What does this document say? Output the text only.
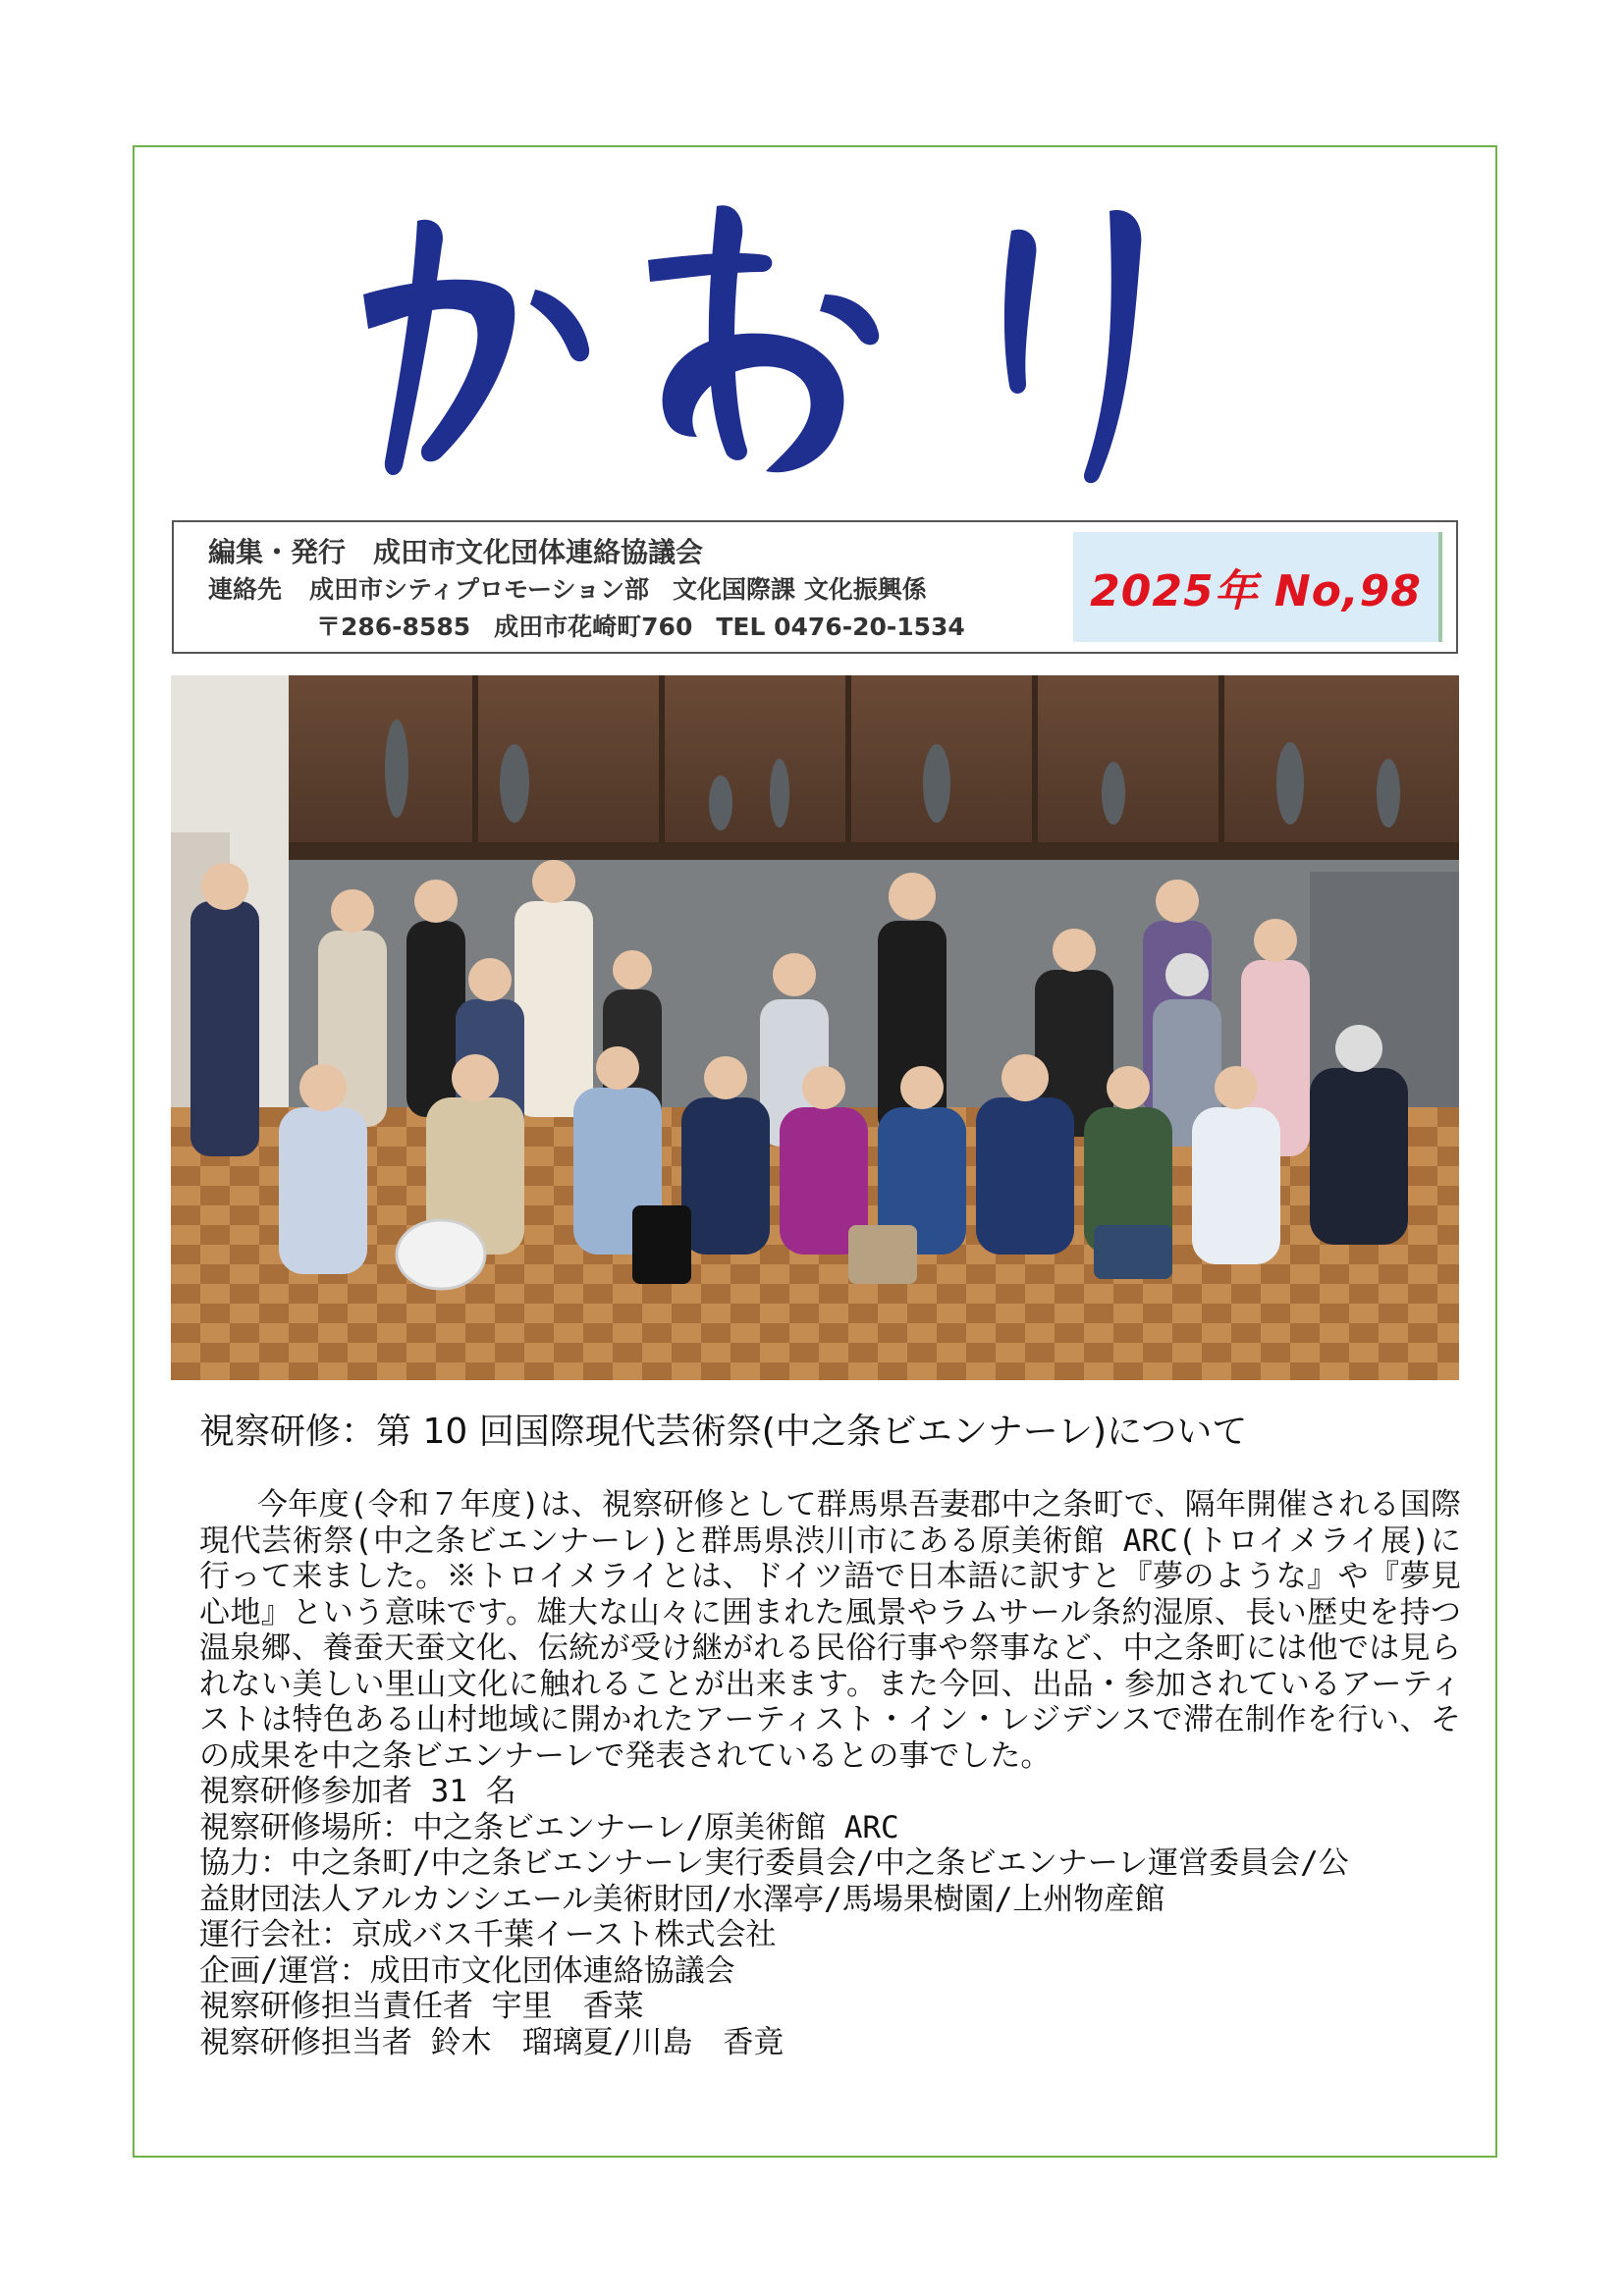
編集・発行 成田市文化団体連絡協議会
連絡先 成田市シティプロモーション部 文化国際課 文化振興係
〒286-8585 成田市花崎町760 TEL 0476-20-1534
2025年 No,98
視察研修：第 10 回国際現代芸術祭(中之条ビエンナーレ)について

今年度(令和７年度)は、視察研修として群馬県吾妻郡中之条町で、隔年開催される国際現代芸術祭(中之条ビエンナーレ)と群馬県渋川市にある原美術館 ARC(トロイメライ展)に行って来ました。※トロイメライとは、ドイツ語で日本語に訳すと『夢のような』や『夢見心地』という意味です。雄大な山々に囲まれた風景やラムサール条約湿原、長い歴史を持つ温泉郷、養蚕天蚕文化、伝統が受け継がれる民俗行事や祭事など、中之条町には他では見られない美しい里山文化に触れることが出来ます。また今回、出品・参加されているアーティストは特色ある山村地域に開かれたアーティスト・イン・レジデンスで滞在制作を行い、その成果を中之条ビエンナーレで発表されているとの事でした。

視察研修参加者 31 名

視察研修場所：中之条ビエンナーレ/原美術館 ARC

協力：中之条町/中之条ビエンナーレ実行委員会/中之条ビエンナーレ運営委員会/公

益財団法人アルカンシエール美術財団/水澤亭/馬場果樹園/上州物産館

運行会社：京成バス千葉イースト株式会社

企画/運営：成田市文化団体連絡協議会

視察研修担当責任者 宇里　香菜

視察研修担当者 鈴木　瑠璃夏/川島　香竟
